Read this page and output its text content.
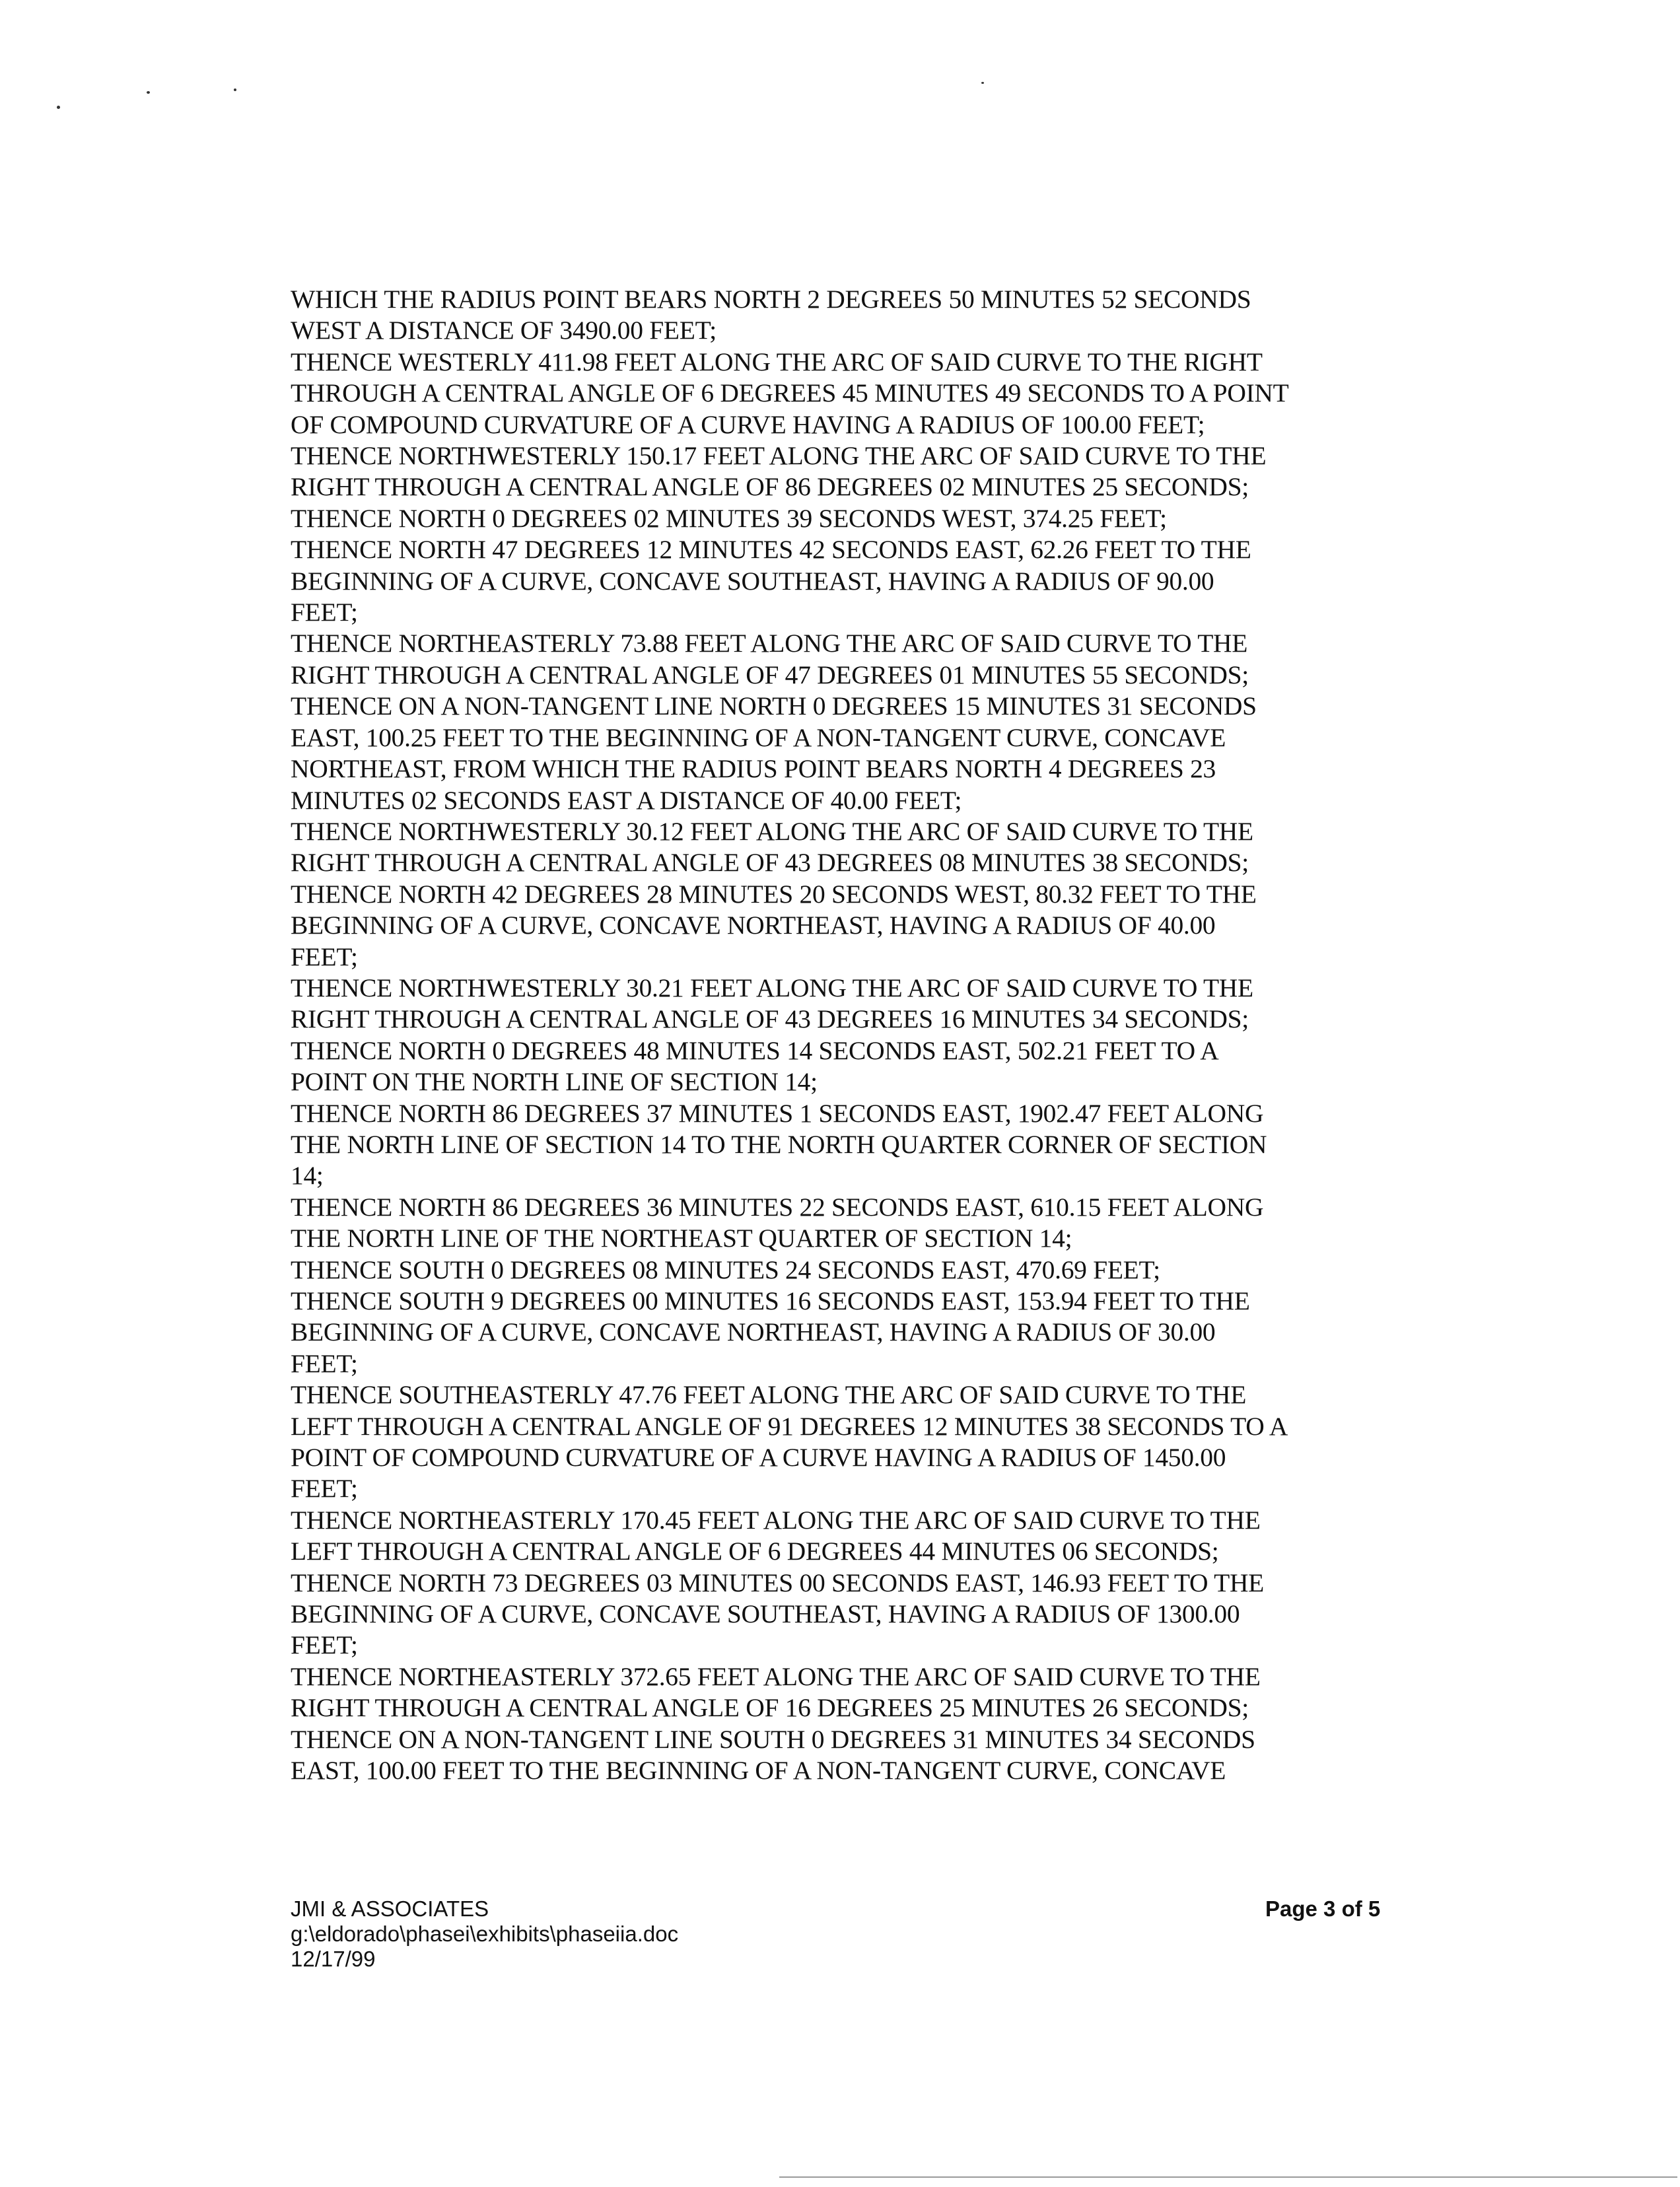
WHICH THE RADIUS POINT BEARS NORTH 2 DEGREES 50 MINUTES 52 SECONDS
WEST A DISTANCE OF 3490.00 FEET;
THENCE WESTERLY 411.98 FEET ALONG THE ARC OF SAID CURVE TO THE RIGHT
THROUGH A CENTRAL ANGLE OF 6 DEGREES 45 MINUTES 49 SECONDS TO A POINT
OF COMPOUND CURVATURE OF A CURVE HAVING A RADIUS OF 100.00 FEET;
THENCE NORTHWESTERLY 150.17 FEET ALONG THE ARC OF SAID CURVE TO THE
RIGHT THROUGH A CENTRAL ANGLE OF 86 DEGREES 02 MINUTES 25 SECONDS;
THENCE NORTH 0 DEGREES 02 MINUTES 39 SECONDS WEST, 374.25 FEET;
THENCE NORTH 47 DEGREES 12 MINUTES 42 SECONDS EAST, 62.26 FEET TO THE
BEGINNING OF A CURVE, CONCAVE SOUTHEAST, HAVING A RADIUS OF 90.00
FEET;
THENCE NORTHEASTERLY 73.88 FEET ALONG THE ARC OF SAID CURVE TO THE
RIGHT THROUGH A CENTRAL ANGLE OF 47 DEGREES 01 MINUTES 55 SECONDS;
THENCE ON A NON-TANGENT LINE NORTH 0 DEGREES 15 MINUTES 31 SECONDS
EAST, 100.25 FEET TO THE BEGINNING OF A NON-TANGENT CURVE, CONCAVE
NORTHEAST, FROM WHICH THE RADIUS POINT BEARS NORTH 4 DEGREES 23
MINUTES 02 SECONDS EAST A DISTANCE OF 40.00 FEET;
THENCE NORTHWESTERLY 30.12 FEET ALONG THE ARC OF SAID CURVE TO THE
RIGHT THROUGH A CENTRAL ANGLE OF 43 DEGREES 08 MINUTES 38 SECONDS;
THENCE NORTH 42 DEGREES 28 MINUTES 20 SECONDS WEST, 80.32 FEET TO THE
BEGINNING OF A CURVE, CONCAVE NORTHEAST, HAVING A RADIUS OF 40.00
FEET;
THENCE NORTHWESTERLY 30.21 FEET ALONG THE ARC OF SAID CURVE TO THE
RIGHT THROUGH A CENTRAL ANGLE OF 43 DEGREES 16 MINUTES 34 SECONDS;
THENCE NORTH 0 DEGREES 48 MINUTES 14 SECONDS EAST, 502.21 FEET TO A
POINT ON THE NORTH LINE OF SECTION 14;
THENCE NORTH 86 DEGREES 37 MINUTES 1 SECONDS EAST, 1902.47 FEET ALONG
THE NORTH LINE OF SECTION 14 TO THE NORTH QUARTER CORNER OF SECTION
14;
THENCE NORTH 86 DEGREES 36 MINUTES 22 SECONDS EAST, 610.15 FEET ALONG
THE NORTH LINE OF THE NORTHEAST QUARTER OF SECTION 14;
THENCE SOUTH 0 DEGREES 08 MINUTES 24 SECONDS EAST, 470.69 FEET;
THENCE SOUTH 9 DEGREES 00 MINUTES 16 SECONDS EAST, 153.94 FEET TO THE
BEGINNING OF A CURVE, CONCAVE NORTHEAST, HAVING A RADIUS OF 30.00
FEET;
THENCE SOUTHEASTERLY 47.76 FEET ALONG THE ARC OF SAID CURVE TO THE
LEFT THROUGH A CENTRAL ANGLE OF 91 DEGREES 12 MINUTES 38 SECONDS TO A
POINT OF COMPOUND CURVATURE OF A CURVE HAVING A RADIUS OF 1450.00
FEET;
THENCE NORTHEASTERLY 170.45 FEET ALONG THE ARC OF SAID CURVE TO THE
LEFT THROUGH A CENTRAL ANGLE OF 6 DEGREES 44 MINUTES 06 SECONDS;
THENCE NORTH 73 DEGREES 03 MINUTES 00 SECONDS EAST, 146.93 FEET TO THE
BEGINNING OF A CURVE, CONCAVE SOUTHEAST, HAVING A RADIUS OF 1300.00
FEET;
THENCE NORTHEASTERLY 372.65 FEET ALONG THE ARC OF SAID CURVE TO THE
RIGHT THROUGH A CENTRAL ANGLE OF 16 DEGREES 25 MINUTES 26 SECONDS;
THENCE ON A NON-TANGENT LINE SOUTH 0 DEGREES 31 MINUTES 34 SECONDS
EAST, 100.00 FEET TO THE BEGINNING OF A NON-TANGENT CURVE, CONCAVE
JMI & ASSOCIATES
g:\eldorado\phasei\exhibits\phaseiia.doc
12/17/99
Page 3 of 5
